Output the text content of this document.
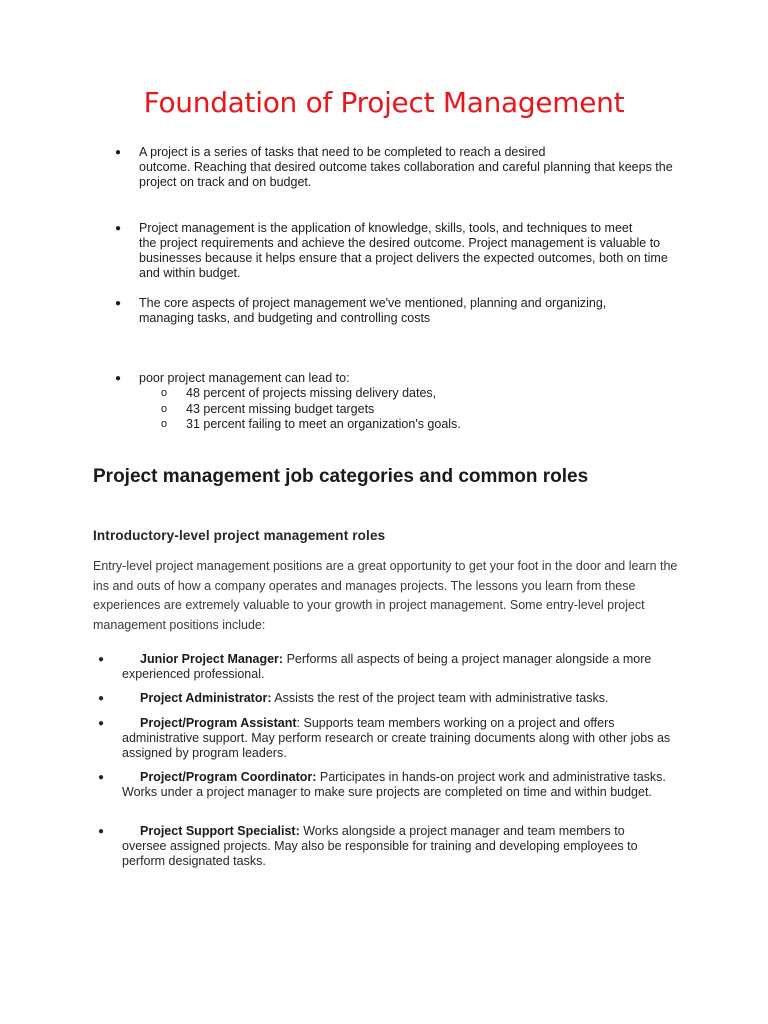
Foundation of Project Management
● A project is a series of tasks that need to be completed to reach a desired
outcome. Reaching that desired outcome takes collaboration and careful planning that keeps the project on track and on budget.
● Project management is the application of knowledge, skills, tools, and techniques to meet
the project requirements and achieve the desired outcome. Project management is valuable to businesses because it helps ensure that a project delivers the expected outcomes, both on time and within budget.
● The core aspects of project management we've mentioned, planning and organizing,
managing tasks, and budgeting and controlling costs
● poor project management can lead to:
o 48 percent of projects missing delivery dates,
o 43 percent missing budget targets
o 31 percent failing to meet an organization's goals.
Project management job categories and common roles
Introductory-level project management roles

Entry-level project management positions are a great opportunity to get your foot in the door and learn the ins and outs of how a company operates and manages projects. The lessons you learn from these experiences are extremely valuable to your growth in project management. Some entry-level project management positions include:

●	Junior Project Manager: Performs all aspects of being a project manager alongside a more experienced professional.
●	Project Administrator: Assists the rest of the project team with administrative tasks.
●	Project/Program Assistant: Supports team members working on a project and offers administrative support. May perform research or create training documents along with other jobs as assigned by program leaders.
●	Project/Program Coordinator: Participates in hands-on project work and administrative tasks. Works under a project manager to make sure projects are completed on time and within budget.
●	Project Support Specialist: Works alongside a project manager and team members to oversee assigned projects. May also be responsible for training and developing employees to perform designated tasks.
